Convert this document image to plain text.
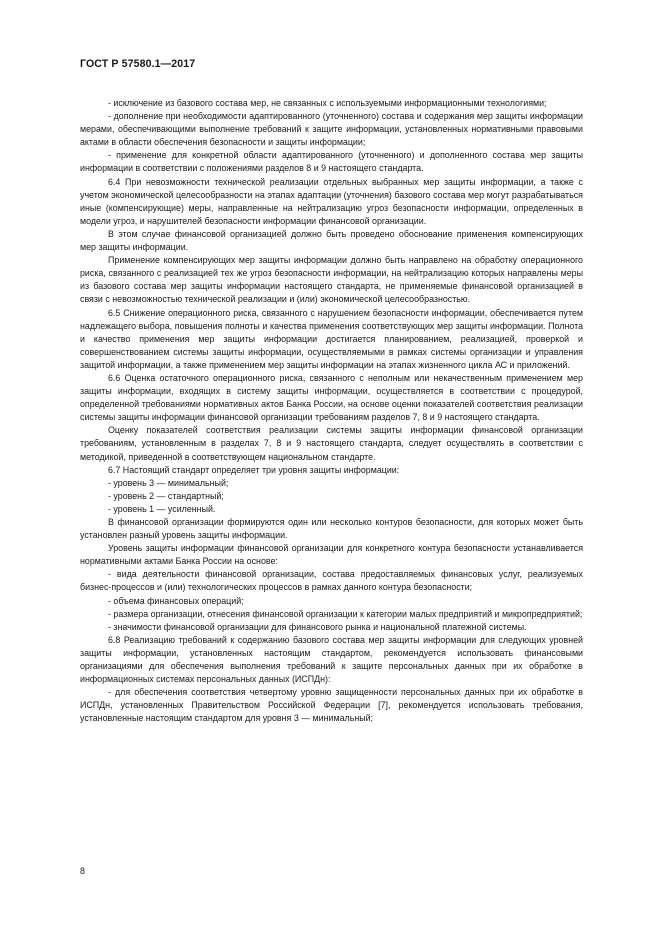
ГОСТ Р 57580.1—2017

- исключение из базового состава мер, не связанных с используемыми информационными технологиями;

- дополнение при необходимости адаптированного (уточненного) состава и содержания мер защиты информации мерами, обеспечивающими выполнение требований к защите информации, установленных нормативными правовыми актами в области обеспечения безопасности и защиты информации;

- применение для конкретной области адаптированного (уточненного) и дополненного состава мер защиты информации в соответствии с положениями разделов 8 и 9 настоящего стандарта.

6.4 При невозможности технической реализации отдельных выбранных мер защиты информации, а также с учетом экономической целесообразности на этапах адаптации (уточнения) базового состава мер могут разрабатываться иные (компенсирующие) меры, направленные на нейтрализацию угроз безопасности информации, определенных в модели угроз, и нарушителей безопасности информации финансовой организации.

В этом случае финансовой организацией должно быть проведено обоснование применения компенсирующих мер защиты информации.

Применение компенсирующих мер защиты информации должно быть направлено на обработку операционного риска, связанного с реализацией тех же угроз безопасности информации, на нейтрализацию которых направлены меры из базового состава мер защиты информации настоящего стандарта, не применяемые финансовой организацией в связи с невозможностью технической реализации и (или) экономической целесообразностью.

6.5 Снижение операционного риска, связанного с нарушением безопасности информации, обеспечивается путем надлежащего выбора, повышения полноты и качества применения соответствующих мер защиты информации. Полнота и качество применения мер защиты информации достигается планированием, реализацией, проверкой и совершенствованием системы защиты информации, осуществляемыми в рамках системы организации и управления защитой информации, а также применением мер защиты информации на этапах жизненного цикла АС и приложений.

6.6 Оценка остаточного операционного риска, связанного с неполным или некачественным применением мер защиты информации, входящих в систему защиты информации, осуществляется в соответствии с процедурой, определенной требованиями нормативных актов Банка России, на основе оценки показателей соответствия реализации системы защиты информации финансовой организации требованиям разделов 7, 8 и 9 настоящего стандарта.

Оценку показателей соответствия реализации системы защиты информации финансовой организации требованиям, установленным в разделах 7, 8 и 9 настоящего стандарта, следует осуществлять в соответствии с методикой, приведенной в соответствующем национальном стандарте.

6.7 Настоящий стандарт определяет три уровня защиты информации:

- уровень 3 — минимальный;

- уровень 2 — стандартный;

- уровень 1 — усиленный.

В финансовой организации формируются один или несколько контуров безопасности, для которых может быть установлен разный уровень защиты информации.

Уровень защиты информации финансовой организации для конкретного контура безопасности устанавливается нормативными актами Банка России на основе:

- вида деятельности финансовой организации, состава предоставляемых финансовых услуг, реализуемых бизнес-процессов и (или) технологических процессов в рамках данного контура безопасности;

- объема финансовых операций;

- размера организации, отнесения финансовой организации к категории малых предприятий и микропредприятий;

- значимости финансовой организации для финансового рынка и национальной платежной системы.

6.8 Реализацию требований к содержанию базового состава мер защиты информации для следующих уровней защиты информации, установленных настоящим стандартом, рекомендуется использовать финансовыми организациями для обеспечения выполнения требований к защите персональных данных при их обработке в информационных системах персональных данных (ИСПДн):

- для обеспечения соответствия четвертому уровню защищенности персональных данных при их обработке в ИСПДн, установленных Правительством Российской Федерации [7], рекомендуется использовать требования, установленные настоящим стандартом для уровня 3 — минимальный;

8
